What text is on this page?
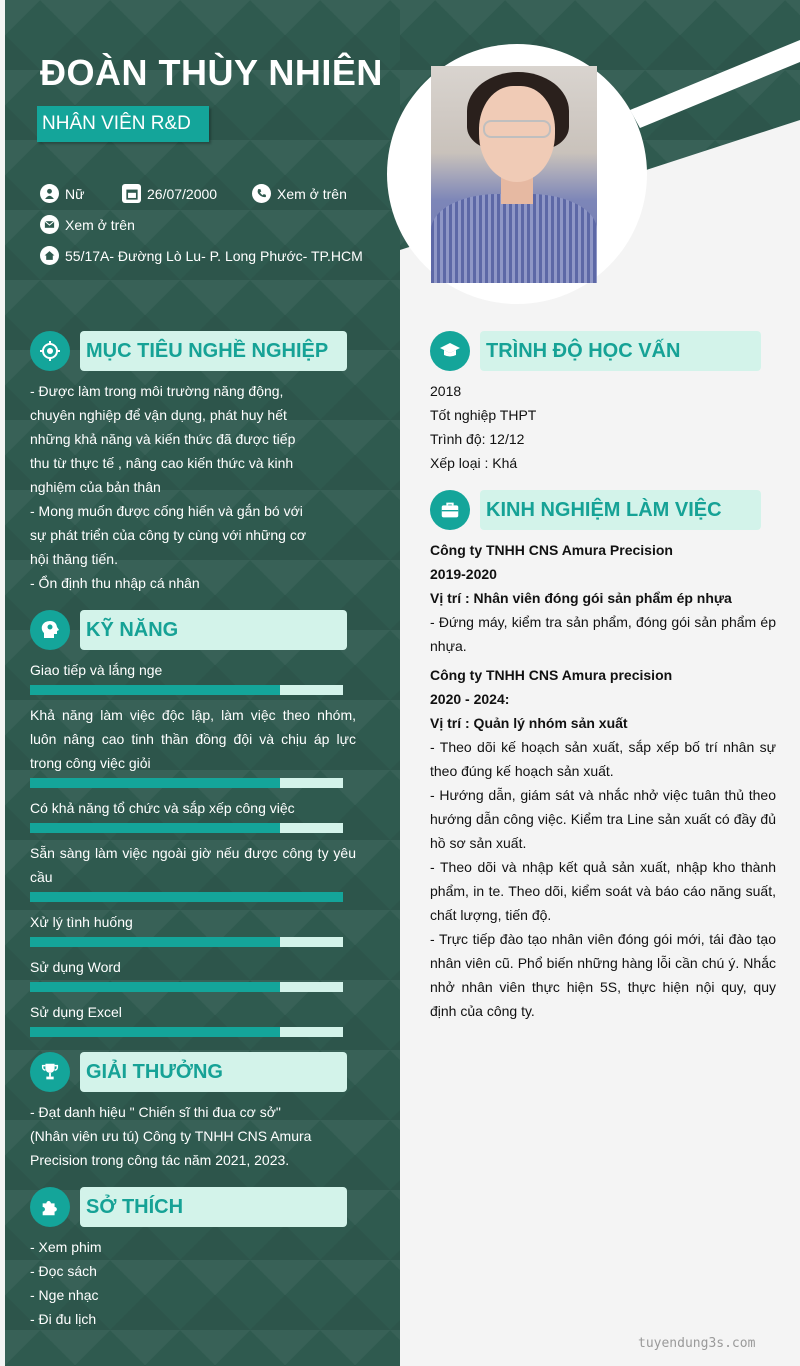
ĐOÀN THÙY NHIÊN
NHÂN VIÊN R&D
Nữ	26/07/2000	Xem ở trên
Xem ở trên
55/17A- Đường Lò Lu- P. Long Phước- TP.HCM
MỤC TIÊU NGHỀ NGHIỆP
- Được làm trong môi trường năng động,
chuyên nghiệp để vận dụng, phát huy hết
những khả năng và kiến thức đã được tiếp
thu từ thực tế , nâng cao kiến thức và kinh
nghiệm của bản thân
- Mong muốn được cống hiến và gắn bó với
sự phát triển của công ty cùng với những cơ
hội thăng tiến.
- Ổn định thu nhập cá nhân
KỸ NĂNG
Giao tiếp và lắng nge
Khả năng làm việc độc lập, làm việc theo nhóm, luôn nâng cao tinh thần đồng đội và chịu áp lực trong công việc giỏi
Có khả năng tổ chức và sắp xếp công việc
Sẵn sàng làm việc ngoài giờ nếu được công ty yêu cầu
Xử lý tình huống
Sử dụng Word
Sử dụng Excel
GIẢI THƯỞNG
- Đạt danh hiệu " Chiến sĩ thi đua cơ sở"
(Nhân viên ưu tú) Công ty TNHH CNS Amura
Precision trong công tác năm 2021, 2023.
SỞ THÍCH
- Xem phim
- Đọc sách
- Nge nhạc
- Đi đu lịch
TRÌNH ĐỘ HỌC VẤN
2018
Tốt nghiệp THPT
Trình độ: 12/12
Xếp loại : Khá
KINH NGHIỆM LÀM VIỆC
Công ty TNHH CNS Amura Precision
2019-2020
Vị trí : Nhân viên đóng gói sản phẩm ép nhựa
- Đứng máy, kiểm tra sản phẩm, đóng gói sản phẩm ép nhựa.
Công ty TNHH CNS Amura precision
2020 - 2024:
Vị trí : Quản lý nhóm sản xuất
- Theo dõi kế hoạch sản xuất, sắp xếp bố trí nhân sự theo đúng kế hoạch sản xuất.
- Hướng dẫn, giám sát và nhắc nhở việc tuân thủ theo hướng dẫn công việc. Kiểm tra Line sản xuất có đầy đủ hồ sơ sản xuất.
- Theo dõi và nhập kết quả sản xuất, nhập kho thành phẩm, in te. Theo dõi, kiểm soát và báo cáo năng suất, chất lượng, tiến độ.
- Trực tiếp đào tạo nhân viên đóng gói mới, tái đào tạo nhân viên cũ. Phổ biến những hàng lỗi cần chú ý. Nhắc nhở nhân viên thực hiện 5S, thực hiện nội quy, quy định của công ty.
tuyendung3s.com
